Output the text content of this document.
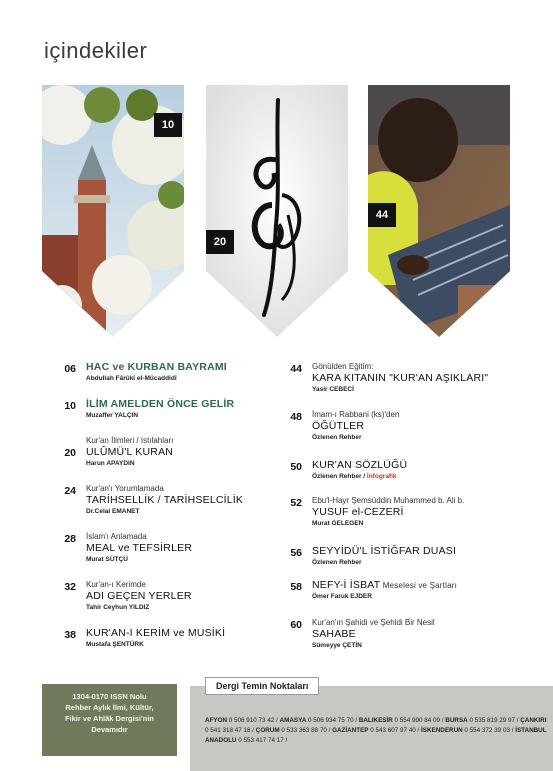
içindekiler
10
20
44
06 HAC ve KURBAN BAYRAMI
Abdullah Fârûkî el-Mücaddidî
10 İLİM AMELDEN ÖNCE GELİR
Muzaffer YALÇIN
20
Kur'an İlimleri / Istılahları
ULÛMÜ'L KURAN
Harun APAYDIN
24 Kur'an'ı Yorumlamada
TARİHSELLİK / TARİHSELCİLİK
Dr.Celal EMANET
28 İslam'ı Anlamada
MEAL ve TEFSİRLER
Murat SÜTÇÜ
32 Kur'an-ı Kerimde
ADI GEÇEN YERLER
Tahir Ceyhun YILDIZ
38 KUR'AN-I KERİM ve MUSİKİ
Mustafa ŞENTÜRK
44 Gönülden Eğitim:
KARA KITANIN "KUR'AN AŞIKLARI"
Yasir CEBECİ
48 İmam-ı Rabbani (ks)'den
ÖĞÜTLER
Özlenen Rehber
50 KUR'AN SÖZLÜĞÜ
Özlenen Rehber / İnfografik
52 Ebu'l-Hayr Şemsüddin Muhammed b. Ali b.
YUSUF el-CEZERİ
Murat GELEGEN
56 SEYYİDÜ'L İSTİĞFAR DUASI
Özlenen Rehber
58 NEFY-İ İSBAT Meselesi ve Şartları
Ömer Faruk EJDER
60 Kur'an'ın Şahidi ve Şehidi Bir Nesil
SAHABE
Sümeyye ÇETİN
1304-0170 ISSN Nolu
Rehber Aylık İlmi, Kültür,
Fikir ve Ahlâk Dergisi'nin
Devamıdır
Dergi Temin Noktaları
AFYON 0 506 910 73 42 / AMASYA 0 506 934 75 70 / BALIKESİR 0 554 990 84 09 / BURSA 0 535 819 29 97 / ÇANKIRI 0 541 318 47 18 / ÇORUM 0 533 363 88 70 / GAZİANTEP 0 543 607 97 40 / İSKENDERUN 0 554 372 39 03 / İSTANBUL ANADOLU 0 553 417 74 17 /
